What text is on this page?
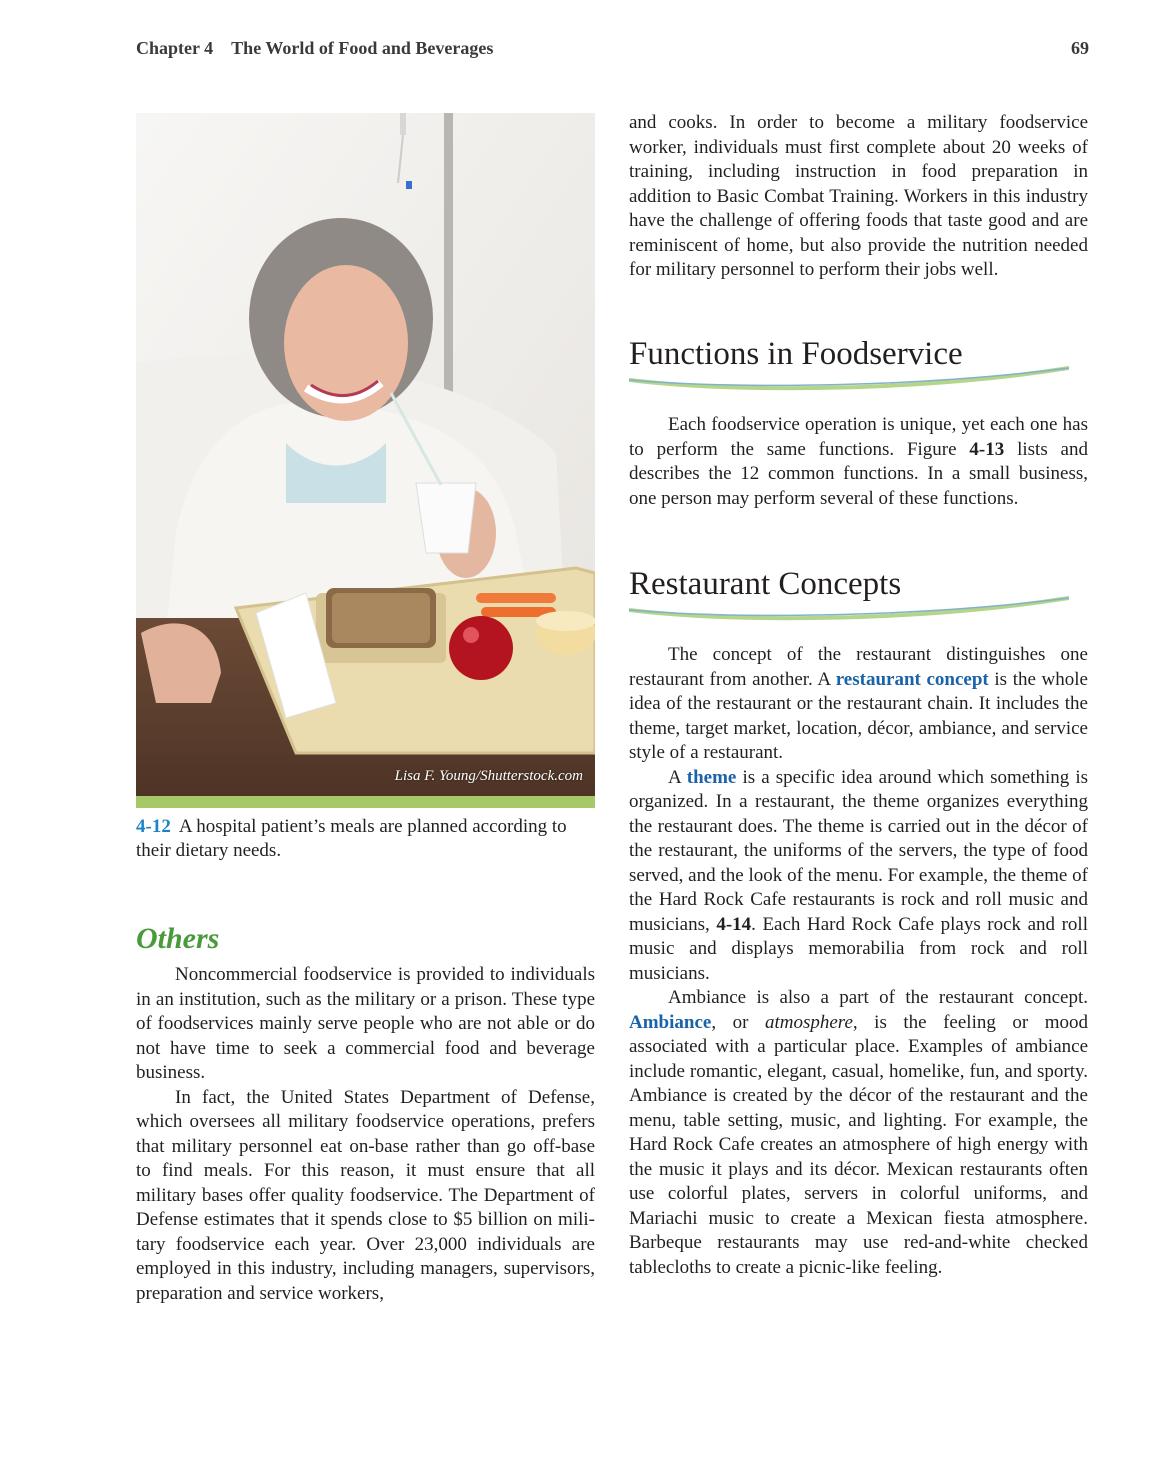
Chapter 4 The World of Food and Beverages	69
Lisa F. Young/Shutterstock.com
4-12 A hospital patient’s meals are planned according to their dietary needs.
Others

Noncommercial foodservice is provided to individuals in an institution, such as the military or a prison. These type of foodservices mainly serve people who are not able or do not have time to seek a commercial food and beverage business.

In fact, the United States Department of Defense, which oversees all military foodservice operations, prefers that military personnel eat on-base rather than go off-base to find meals. For this reason, it must ensure that all military bases offer quality foodservice. The Department of Defense estimates that it spends close to $5 billion on military foodservice each year. Over 23,000 individuals are employed in this industry, including managers, supervisors, preparation and service workers,

and cooks. In order to become a military foodservice worker, individuals must first complete about 20 weeks of training, including instruction in food preparation in addition to Basic Combat Training. Workers in this industry have the challenge of offering foods that taste good and are reminiscent of home, but also provide the nutrition needed for military personnel to perform their jobs well.

Functions in Foodservice

Each foodservice operation is unique, yet each one has to perform the same functions. Figure 4-13 lists and describes the 12 common functions. In a small business, one person may perform several of these functions.

Restaurant Concepts

The concept of the restaurant distinguishes one restaurant from another. A restaurant concept is the whole idea of the restaurant or the restaurant chain. It includes the theme, target market, location, décor, ambiance, and service style of a restaurant.

A theme is a specific idea around which something is organized. In a restaurant, the theme organizes everything the restaurant does. The theme is carried out in the décor of the restaurant, the uniforms of the servers, the type of food served, and the look of the menu. For example, the theme of the Hard Rock Cafe restaurants is rock and roll music and musicians, 4-14. Each Hard Rock Cafe plays rock and roll music and displays memorabilia from rock and roll musicians.

Ambiance is also a part of the restaurant concept. Ambiance, or atmosphere, is the feeling or mood associated with a particular place. Examples of ambiance include romantic, elegant, casual, homelike, fun, and sporty. Ambiance is created by the décor of the restaurant and the menu, table setting, music, and lighting. For example, the Hard Rock Cafe creates an atmosphere of high energy with the music it plays and its décor. Mexican restaurants often use colorful plates, servers in colorful uniforms, and Mariachi music to create a Mexican fiesta atmosphere. Barbeque restaurants may use red-and-white checked tablecloths to create a picnic-like feeling.
